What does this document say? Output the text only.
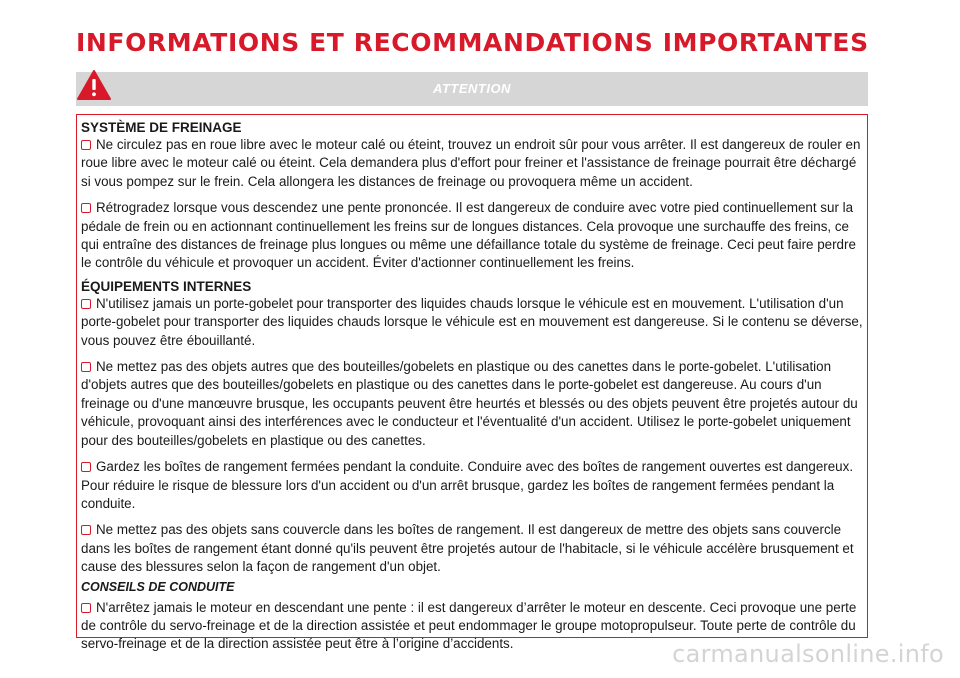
INFORMATIONS ET RECOMMANDATIONS IMPORTANTES
ATTENTION
SYSTÈME DE FREINAGE

Ne circulez pas en roue libre avec le moteur calé ou éteint, trouvez un endroit sûr pour vous arrêter. Il est dangereux de rouler en roue libre avec le moteur calé ou éteint. Cela demandera plus d'effort pour freiner et l'assistance de freinage pourrait être déchargé si vous pompez sur le frein. Cela allongera les distances de freinage ou provoquera même un accident.

Rétrogradez lorsque vous descendez une pente prononcée. Il est dangereux de conduire avec votre pied continuellement sur la pédale de frein ou en actionnant continuellement les freins sur de longues distances. Cela provoque une surchauffe des freins, ce qui entraîne des distances de freinage plus longues ou même une défaillance totale du système de freinage. Ceci peut faire perdre le contrôle du véhicule et provoquer un accident. Éviter d'actionner continuellement les freins.

ÉQUIPEMENTS INTERNES

N'utilisez jamais un porte-gobelet pour transporter des liquides chauds lorsque le véhicule est en mouvement. L'utilisation d'un porte-gobelet pour transporter des liquides chauds lorsque le véhicule est en mouvement est dangereuse. Si le contenu se déverse, vous pouvez être ébouillanté.

Ne mettez pas des objets autres que des bouteilles/gobelets en plastique ou des canettes dans le porte-gobelet. L'utilisation d'objets autres que des bouteilles/gobelets en plastique ou des canettes dans le porte-gobelet est dangereuse. Au cours d'un freinage ou d'une manœuvre brusque, les occupants peuvent être heurtés et blessés ou des objets peuvent être projetés autour du véhicule, provoquant ainsi des interférences avec le conducteur et l'éventualité d'un accident. Utilisez le porte-gobelet uniquement pour des bouteilles/gobelets en plastique ou des canettes.

Gardez les boîtes de rangement fermées pendant la conduite. Conduire avec des boîtes de rangement ouvertes est dangereux. Pour réduire le risque de blessure lors d'un accident ou d'un arrêt brusque, gardez les boîtes de rangement fermées pendant la conduite.

Ne mettez pas des objets sans couvercle dans les boîtes de rangement. Il est dangereux de mettre des objets sans couvercle dans les boîtes de rangement étant donné qu'ils peuvent être projetés autour de l'habitacle, si le véhicule accélère brusquement et cause des blessures selon la façon de rangement d'un objet.

CONSEILS DE CONDUITE

N'arrêtez jamais le moteur en descendant une pente : il est dangereux d’arrêter le moteur en descente. Ceci provoque une perte de contrôle du servo-freinage et de la direction assistée et peut endommager le groupe motopropulseur. Toute perte de contrôle du servo-freinage et de la direction assistée peut être à l’origine d’accidents.	carmanualsonline.info
